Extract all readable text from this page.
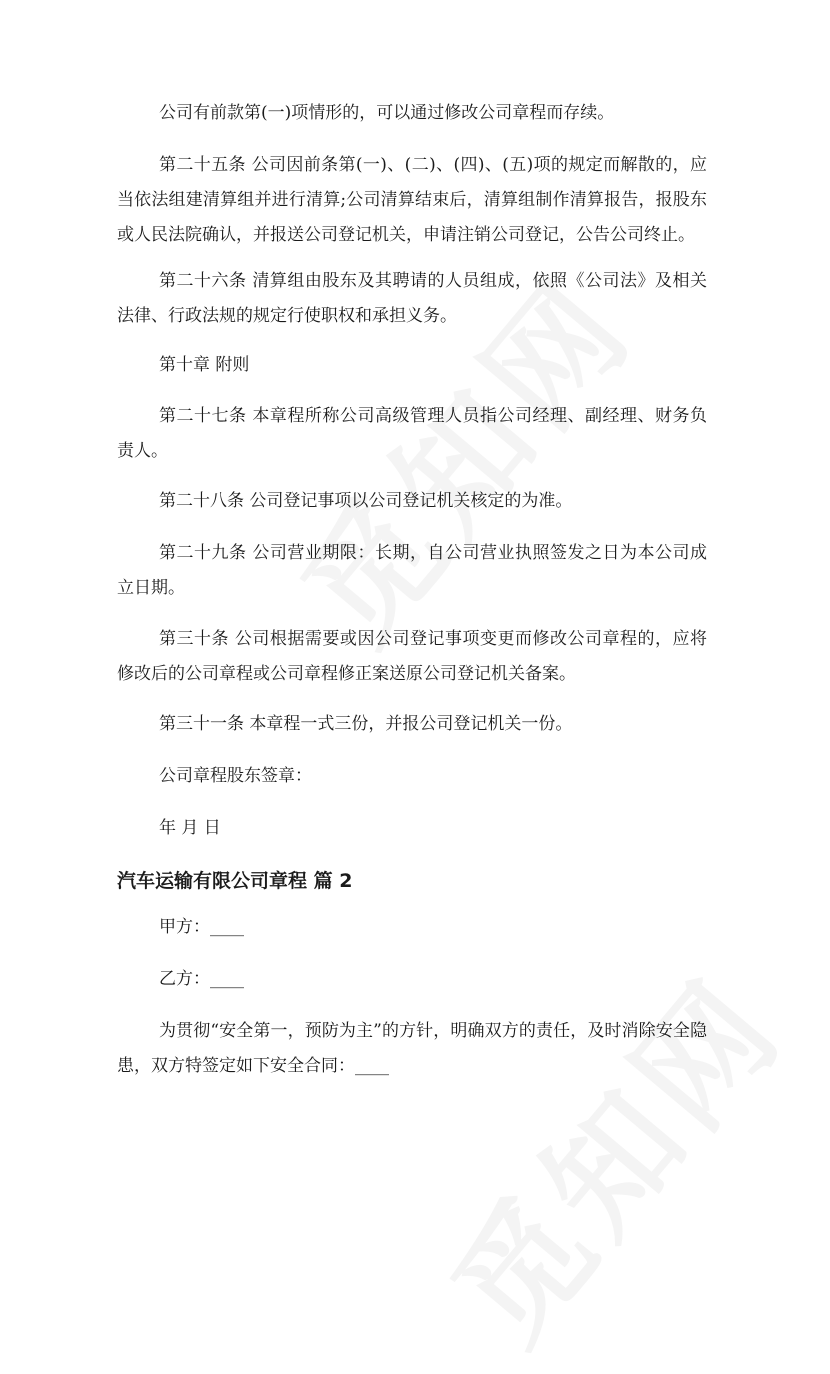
公司有前款第(一)项情形的，可以通过修改公司章程而存续。
第二十五条 公司因前条第(一)、(二)、(四)、(五)项的规定而解散的，应当依法组建清算组并进行清算;公司清算结束后，清算组制作清算报告，报股东或人民法院确认，并报送公司登记机关，申请注销公司登记，公告公司终止。
第二十六条 清算组由股东及其聘请的人员组成，依照《公司法》及相关法律、行政法规的规定行使职权和承担义务。
第十章 附则
第二十七条 本章程所称公司高级管理人员指公司经理、副经理、财务负责人。
第二十八条 公司登记事项以公司登记机关核定的为准。
第二十九条 公司营业期限：长期，自公司营业执照签发之日为本公司成立日期。
第三十条 公司根据需要或因公司登记事项变更而修改公司章程的，应将修改后的公司章程或公司章程修正案送原公司登记机关备案。
第三十一条 本章程一式三份，并报公司登记机关一份。
公司章程股东签章：
年 月 日
汽车运输有限公司章程 篇 2
甲方：____
乙方：____
为贯彻“安全第一，预防为主”的方针，明确双方的责任，及时消除安全隐患，双方特签定如下安全合同：____
